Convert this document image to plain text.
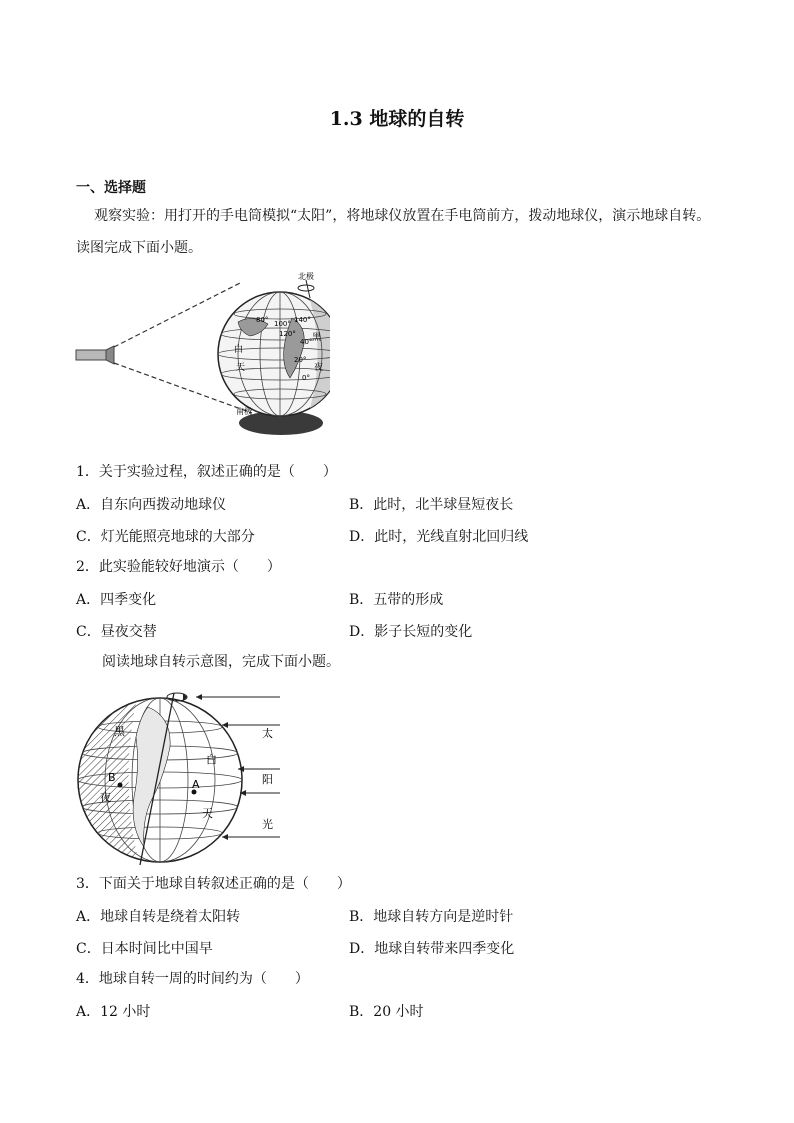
1.3 地球的自转
一、选择题
观察实验：用打开的手电筒模拟“太阳”，将地球仪放置在手电筒前方，拨动地球仪，演示地球自转。
读图完成下面小题。
北极
南极
白
天
黑
夜
80° 100°
120°
140°
40°
20°
0°
1．关于实验过程，叙述正确的是（　　）
A．自东向西拨动地球仪	B．此时，北半球昼短夜长
C．灯光能照亮地球的大部分	D．此时，光线直射北回归线
2．此实验能较好地演示（　　）
A．四季变化	B．五带的形成
C．昼夜交替	D．影子长短的变化
阅读地球自转示意图，完成下面小题。
太
阳
光
黑
夜
白
天
A
B
3．下面关于地球自转叙述正确的是（　　）
A．地球自转是绕着太阳转	B．地球自转方向是逆时针
C．日本时间比中国早	D．地球自转带来四季变化
4．地球自转一周的时间约为（　　）
A．12 小时	B．20 小时
